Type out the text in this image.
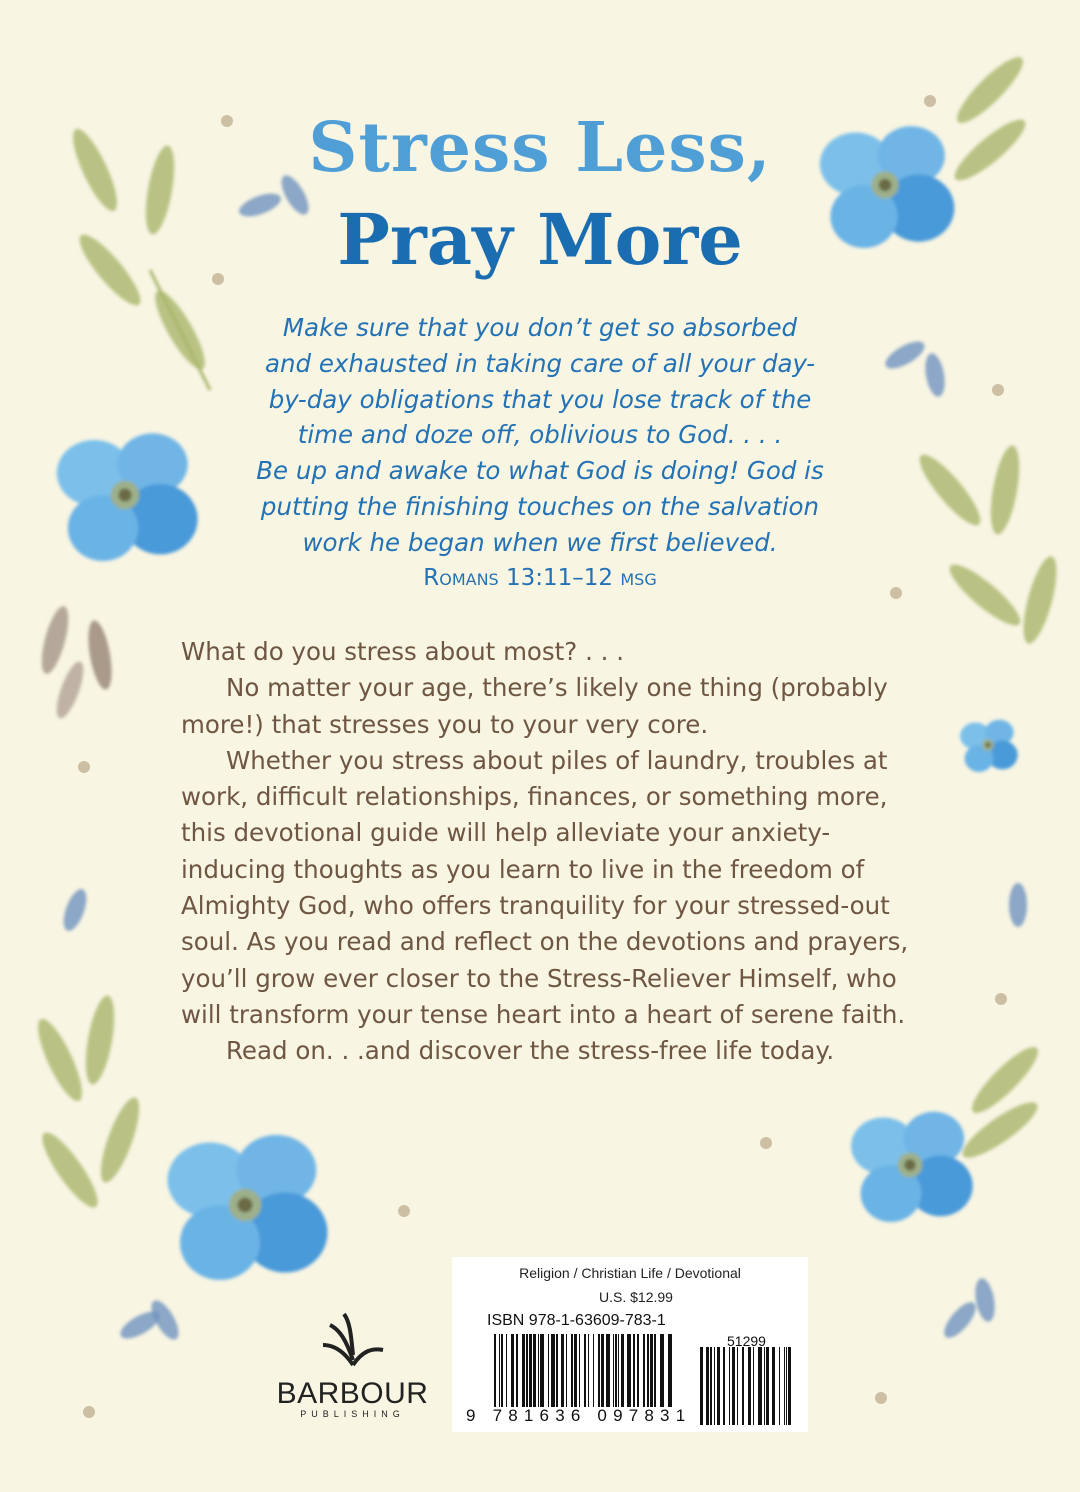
Stress Less,
Pray More
Make sure that you don’t get so absorbed
and exhausted in taking care of all your day-
by-day obligations that you lose track of the
time and doze off, oblivious to God. . . .
Be up and awake to what God is doing! God is
putting the finishing touches on the salvation
work he began when we first believed.
Romans 13:11–12 msg
What do you stress about most? . . .
No matter your age, there’s likely one thing (probably
more!) that stresses you to your very core.
Whether you stress about piles of laundry, troubles at
work, difficult relationships, finances, or something more,
this devotional guide will help alleviate your anxiety-
inducing thoughts as you learn to live in the freedom of
Almighty God, who offers tranquility for your stressed-out
soul. As you read and reflect on the devotions and prayers,
you’ll grow ever closer to the Stress-Reliever Himself, who
will transform your tense heart into a heart of serene faith.
Read on. . .and discover the stress-free life today.
BARBOUR
PUBLISHING
Religion / Christian Life / Devotional
U.S. $12.99
ISBN 978-1-63609-783-1
51299
9 781636 097831
